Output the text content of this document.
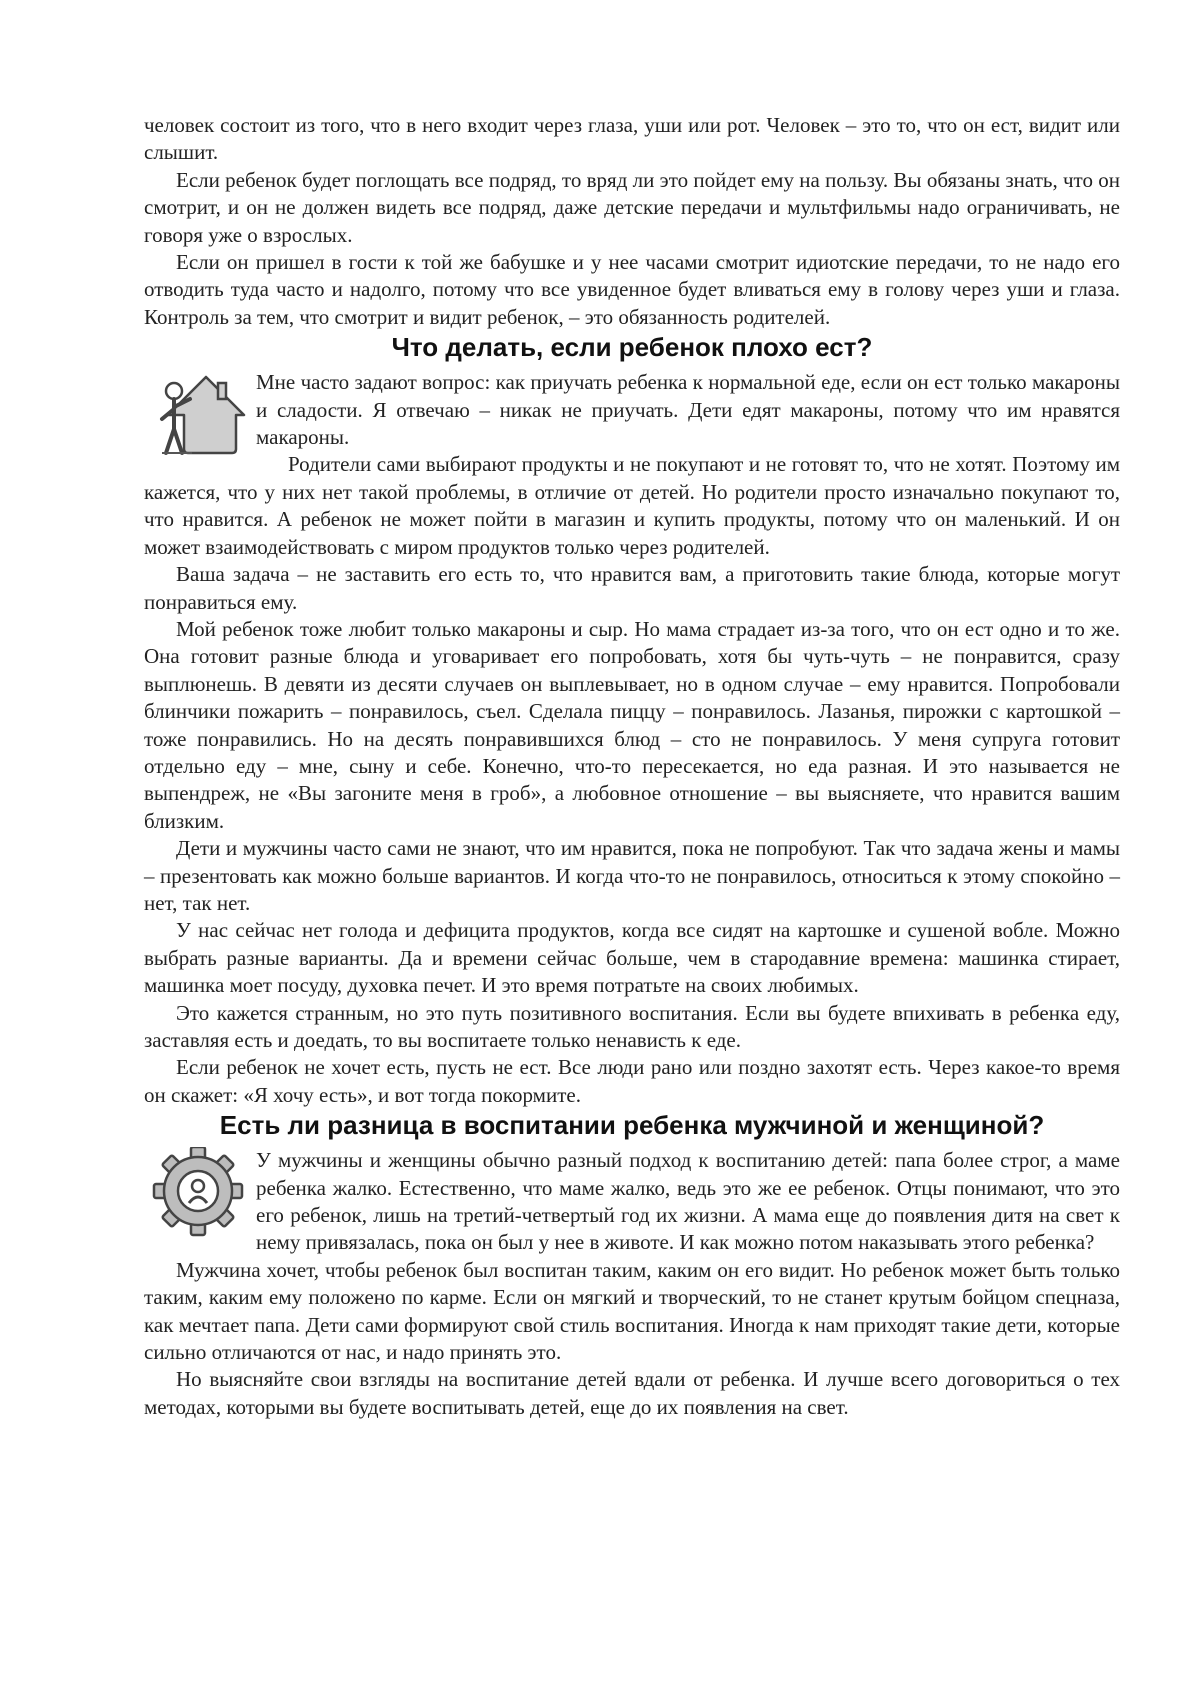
человек состоит из того, что в него входит через глаза, уши или рот. Человек – это то, что он ест, видит или слышит.

Если ребенок будет поглощать все подряд, то вряд ли это пойдет ему на пользу. Вы обязаны знать, что он смотрит, и он не должен видеть все подряд, даже детские передачи и мультфильмы надо ограничивать, не говоря уже о взрослых.

Если он пришел в гости к той же бабушке и у нее часами смотрит идиотские передачи, то не надо его отводить туда часто и надолго, потому что все увиденное будет вливаться ему в голову через уши и глаза. Контроль за тем, что смотрит и видит ребенок, – это обязанность родителей.

Что делать, если ребенок плохо ест?

Мне часто задают вопрос: как приучать ребенка к нормальной еде, если он ест только макароны и сладости. Я отвечаю – никак не приучать. Дети едят макароны, потому что им нравятся макароны.

Родители сами выбирают продукты и не покупают и не готовят то, что не хотят. Поэтому им кажется, что у них нет такой проблемы, в отличие от детей. Но родители просто изначально покупают то, что нравится. А ребенок не может пойти в магазин и купить продукты, потому что он маленький. И он может взаимодействовать с миром продуктов только через родителей.

Ваша задача – не заставить его есть то, что нравится вам, а приготовить такие блюда, которые могут понравиться ему.

Мой ребенок тоже любит только макароны и сыр. Но мама страдает из-за того, что он ест одно и то же. Она готовит разные блюда и уговаривает его попробовать, хотя бы чуть-чуть – не понравится, сразу выплюнешь. В девяти из десяти случаев он выплевывает, но в одном случае – ему нравится. Попробовали блинчики пожарить – понравилось, съел. Сделала пиццу – понравилось. Лазанья, пирожки с картошкой – тоже понравились. Но на десять понравившихся блюд – сто не понравилось. У меня супруга готовит отдельно еду – мне, сыну и себе. Конечно, что-то пересекается, но еда разная. И это называется не выпендреж, не «Вы загоните меня в гроб», а любовное отношение – вы выясняете, что нравится вашим близким.

Дети и мужчины часто сами не знают, что им нравится, пока не попробуют. Так что задача жены и мамы – презентовать как можно больше вариантов. И когда что-то не понравилось, относиться к этому спокойно – нет, так нет.

У нас сейчас нет голода и дефицита продуктов, когда все сидят на картошке и сушеной вобле. Можно выбрать разные варианты. Да и времени сейчас больше, чем в стародавние времена: машинка стирает, машинка моет посуду, духовка печет. И это время потратьте на своих любимых.

Это кажется странным, но это путь позитивного воспитания. Если вы будете впихивать в ребенка еду, заставляя есть и доедать, то вы воспитаете только ненависть к еде.

Если ребенок не хочет есть, пусть не ест. Все люди рано или поздно захотят есть. Через какое-то время он скажет: «Я хочу есть», и вот тогда покормите.

Есть ли разница в воспитании ребенка мужчиной и женщиной?

У мужчины и женщины обычно разный подход к воспитанию детей: папа более строг, а маме ребенка жалко. Естественно, что маме жалко, ведь это же ее ребенок. Отцы понимают, что это его ребенок, лишь на третий-четвертый год их жизни. А мама еще до появления дитя на свет к нему привязалась, пока он был у нее в животе. И как можно потом наказывать этого ребенка?

Мужчина хочет, чтобы ребенок был воспитан таким, каким он его видит. Но ребенок может быть только таким, каким ему положено по карме. Если он мягкий и творческий, то не станет крутым бойцом спецназа, как мечтает папа. Дети сами формируют свой стиль воспитания. Иногда к нам приходят такие дети, которые сильно отличаются от нас, и надо принять это.

Но выясняйте свои взгляды на воспитание детей вдали от ребенка. И лучше всего договориться о тех методах, которыми вы будете воспитывать детей, еще до их появления на свет.
